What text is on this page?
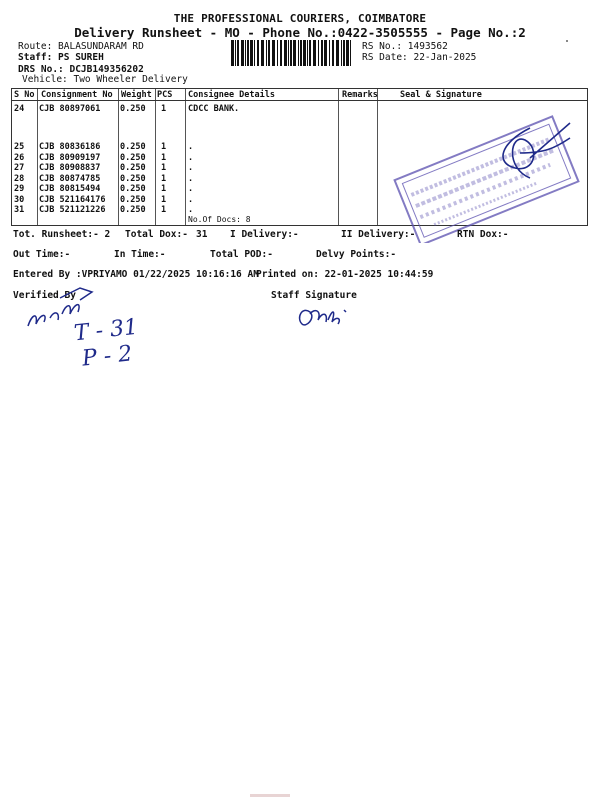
THE PROFESSIONAL COURIERS, COIMBATORE
Delivery Runsheet - MO - Phone No.:0422-3505555 - Page No.:2
Route: BALASUNDARAM RD
Staff: PS SUREH
DRS No.: DCJB149356202
Vehicle: Two Wheeler Delivery
RS No.: 1493562
RS Date: 22-Jan-2025
S No Consignment No Weight PCS Consignee Details	Remarks	Seal & Signature
24 CJB 80897061 0.250 1	CDCC BANK.
25 CJB 80836186 0.250 1	.
26 CJB 80909197 0.250 1	.
27 CJB 80908837 0.250 1	.
28 CJB 80874785 0.250 1	.
29 CJB 80815494 0.250 1	.
30 CJB 521164176 0.250 1	.
31 CJB 521121226 0.250 1	.
No.Of Docs: 8
Tot. Runsheet:- 2 Total Dox:- 31 I Delivery:-	II Delivery:-	RTN Dox:-
Out Time:-	In Time:-	Total POD:-	Delvy Points:-
Entered By :VPRIYAMO 01/22/2025 10:16:16 AM
Printed on: 22-01-2025 10:44:59
Verified By	Staff Signature
T - 31
P - 2
